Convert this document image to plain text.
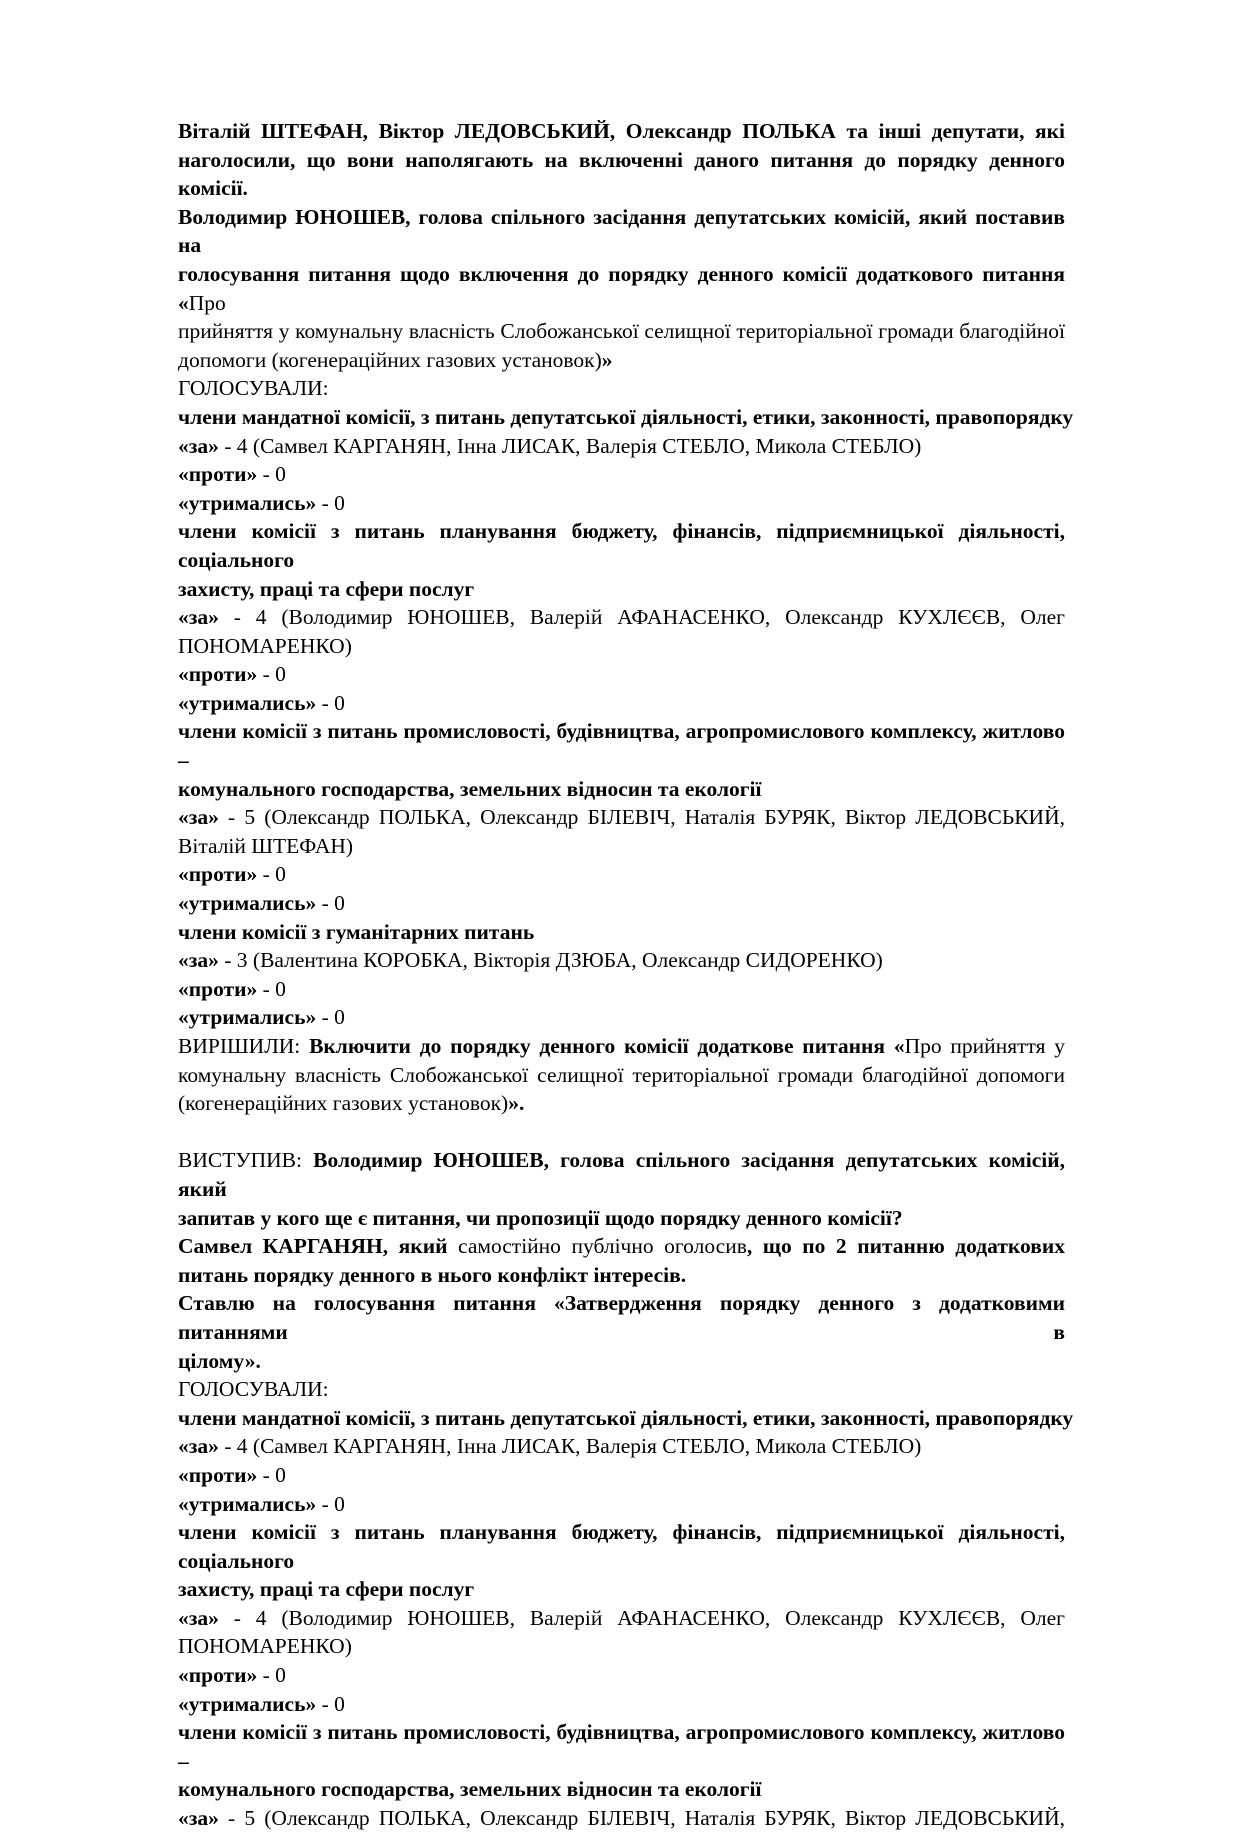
Віталій ШТЕФАН, Віктор ЛЕДОВСЬКИЙ, Олександр ПОЛЬКА та інші депутати, які
наголосили, що вони наполягають на включенні даного питання до порядку денного
комісії.
Володимир ЮНОШЕВ, голова спільного засідання депутатських комісій, який поставив на
голосування питання щодо включення до порядку денного комісії додаткового питання «Про
прийняття у комунальну власність Слобожанської селищної територіальної громади благодійної
допомоги (когенераційних газових установок)»
ГОЛОСУВАЛИ:
члени мандатної комісії, з питань депутатської діяльності, етики, законності, правопорядку
«за» - 4 (Самвел КАРГАНЯН, Інна ЛИСАК, Валерія СТЕБЛО, Микола СТЕБЛО)
«проти» - 0
«утримались» - 0
члени комісії з питань планування бюджету, фінансів, підприємницької діяльності, соціального
захисту, праці та сфери послуг
«за» - 4 (Володимир ЮНОШЕВ, Валерій АФАНАСЕНКО, Олександр КУХЛЄЄВ, Олег
ПОНОМАРЕНКО)
«проти» - 0
«утримались» - 0
члени комісії з питань промисловості, будівництва, агропромислового комплексу, житлово –
комунального господарства, земельних відносин та екології
«за» - 5 (Олександр ПОЛЬКА, Олександр БІЛЕВІЧ, Наталія БУРЯК, Віктор ЛЕДОВСЬКИЙ,
Віталій ШТЕФАН)
«проти» - 0
«утримались» - 0
члени комісії з гуманітарних питань
«за» - 3 (Валентина КОРОБКА, Вікторія ДЗЮБА, Олександр СИДОРЕНКО)
«проти» - 0
«утримались» - 0
ВИРІШИЛИ: Включити до порядку денного комісії додаткове питання «Про прийняття у
комунальну власність Слобожанської селищної територіальної громади благодійної допомоги
(когенераційних газових установок)».
ВИСТУПИВ: Володимир ЮНОШЕВ, голова спільного засідання депутатських комісій, який
запитав у кого ще є питання, чи пропозиції щодо порядку денного комісії?
Самвел КАРГАНЯН, який самостійно публічно оголосив, що по 2 питанню додаткових
питань порядку денного в нього конфлікт інтересів.
Ставлю на голосування питання «Затвердження порядку денного з додатковими питаннями в
цілому».
ГОЛОСУВАЛИ:
члени мандатної комісії, з питань депутатської діяльності, етики, законності, правопорядку
«за» - 4 (Самвел КАРГАНЯН, Інна ЛИСАК, Валерія СТЕБЛО, Микола СТЕБЛО)
«проти» - 0
«утримались» - 0
члени комісії з питань планування бюджету, фінансів, підприємницької діяльності, соціального
захисту, праці та сфери послуг
«за» - 4 (Володимир ЮНОШЕВ, Валерій АФАНАСЕНКО, Олександр КУХЛЄЄВ, Олег
ПОНОМАРЕНКО)
«проти» - 0
«утримались» - 0
члени комісії з питань промисловості, будівництва, агропромислового комплексу, житлово –
комунального господарства, земельних відносин та екології
«за» - 5 (Олександр ПОЛЬКА, Олександр БІЛЕВІЧ, Наталія БУРЯК, Віктор ЛЕДОВСЬКИЙ,
